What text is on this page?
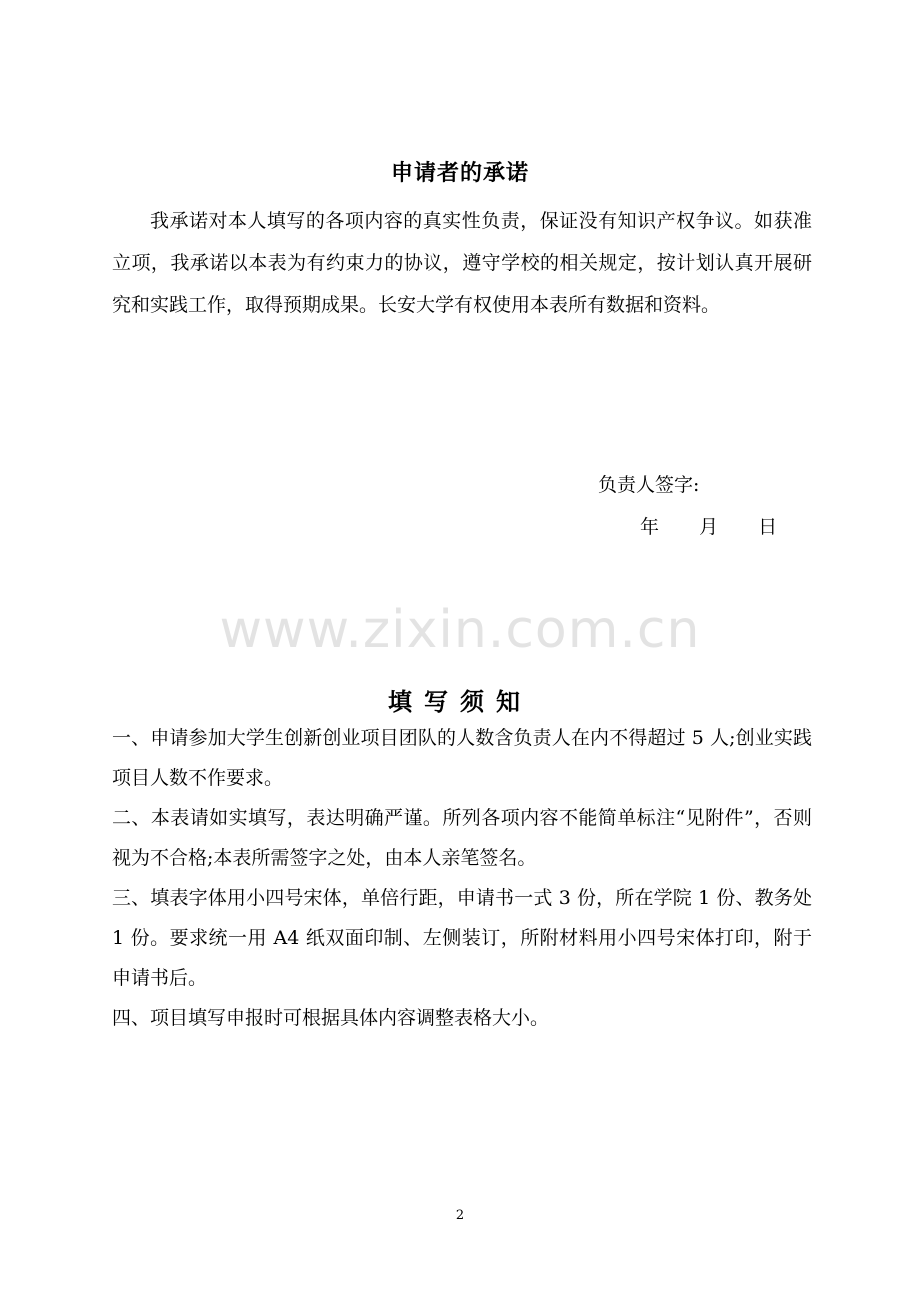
申请者的承诺

我承诺对本人填写的各项内容的真实性负责，保证没有知识产权争议。如获准立项，我承诺以本表为有约束力的协议，遵守学校的相关规定，按计划认真开展研究和实践工作，取得预期成果。长安大学有权使用本表所有数据和资料。

负责人签字:
年 月 日
www.zixin.com.cn
填写须知
一、申请参加大学生创新创业项目团队的人数含负责人在内不得超过 5 人;创业实践项目人数不作要求。
二、本表请如实填写，表达明确严谨。所列各项内容不能简单标注“见附件”，否则视为不合格;本表所需签字之处，由本人亲笔签名。
三、填表字体用小四号宋体，单倍行距，申请书一式 3 份，所在学院 1 份、教务处 1 份。要求统一用 A4 纸双面印制、左侧装订，所附材料用小四号宋体打印，附于申请书后。
四、项目填写申报时可根据具体内容调整表格大小。
2
